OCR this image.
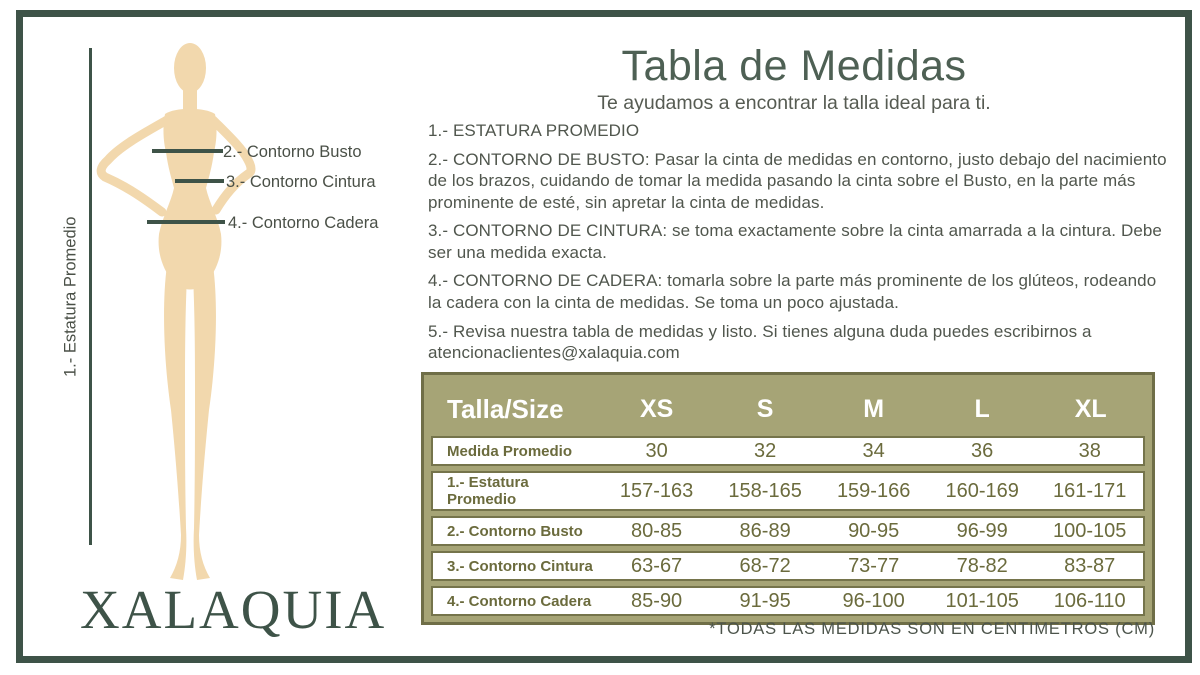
1.- Estatura Promedio
2.- Contorno Busto
3.- Contorno Cintura
4.- Contorno Cadera
Tabla de Medidas
Te ayudamos a encontrar la talla ideal para ti.

1.- ESTATURA PROMEDIO

2.- CONTORNO DE BUSTO: Pasar la cinta de medidas en contorno, justo debajo del nacimiento de los brazos, cuidando de tomar la medida pasando la cinta sobre el Busto, en la parte más prominente de esté, sin apretar la cinta de medidas.

3.- CONTORNO DE CINTURA: se toma exactamente sobre la cinta amarrada a la cintura. Debe ser una medida exacta.

4.- CONTORNO DE CADERA: tomarla sobre la parte más prominente de los glúteos, rodeando la cadera con la cinta de medidas. Se toma un poco ajustada.

5.- Revisa nuestra tabla de medidas y listo. Si tienes alguna duda puedes escribirnos a atencionaclientes@xalaquia.com

Talla/Size	XS	S	M	L	XL
Medida Promedio	30	32	34	36	38
1.- Estatura Promedio	157-163	158-165	159-166	160-169	161-171
2.- Contorno Busto	80-85	86-89	90-95	96-99	100-105
3.- Contorno Cintura	63-67	68-72	73-77	78-82	83-87
4.- Contorno Cadera	85-90	91-95	96-100	101-105	106-110
*TODAS LAS MEDIDAS SON EN CENTIMETROS (CM)
XALAQUIA
